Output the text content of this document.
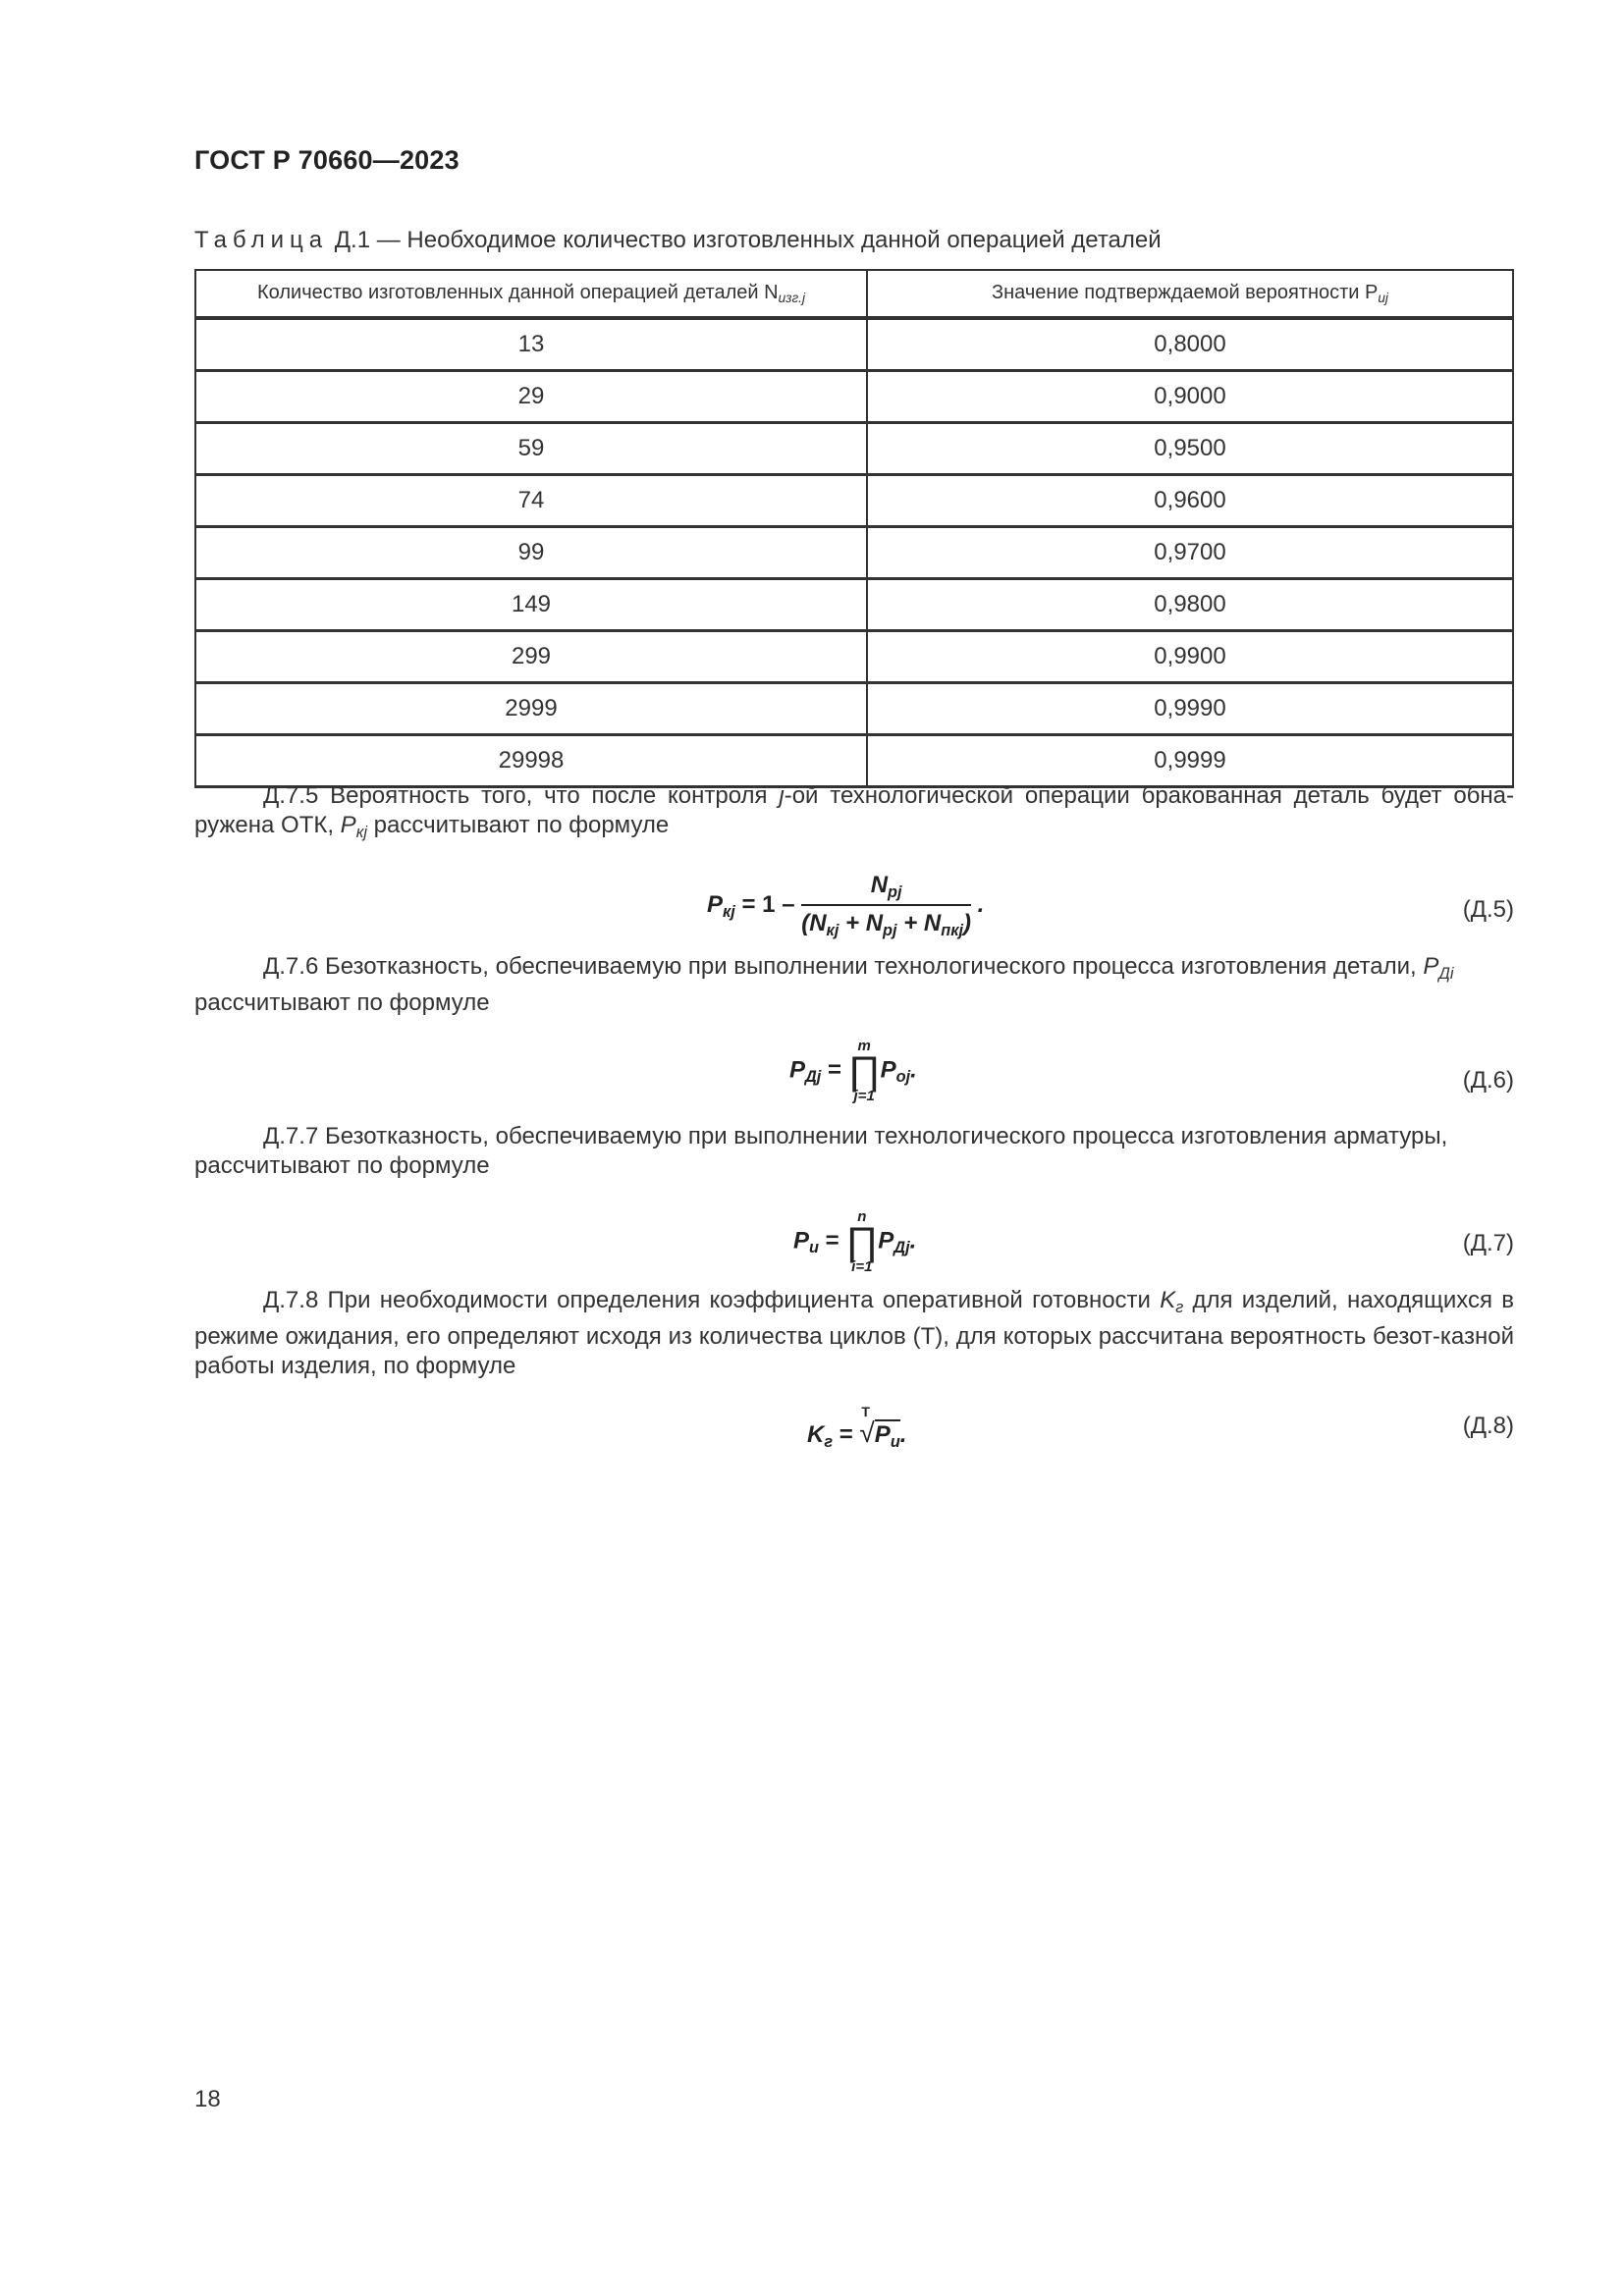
ГОСТ Р 70660—2023
Таблица Д.1 — Необходимое количество изготовленных данной операцией деталей
Количество изготовленных данной операцией деталей $N_{изг.j}$	Значение подтверждаемой вероятности $P_{иj}$
13	0,8000
29	0,9000
59	0,9500
74	0,9600
99	0,9700
149	0,9800
299	0,9900
2999	0,9990
29998	0,9999
Д.7.5 Вероятность того, что после контроля j-ой технологической операции бракованная деталь будет обна-ружена ОТК, $P_{кj}$ рассчитывают по формуле
$P_{кj} = 1 - \frac{N_{pj}}{(N_{кj} + N_{pj} + N_{пкj})}$ .	(Д.5)
Д.7.6 Безотказность, обеспечиваемую при выполнении технологического процесса изготовления детали, $P_{Дi}$
рассчитывают по формуле
$P_{Дj}$ =
m
∏
j=1
$P_{oj}$.	(Д.6)
Д.7.7 Безотказность, обеспечиваемую при выполнении технологического процесса изготовления арматуры,
рассчитывают по формуле
$P_и$ =
n
∏
i=1
$P_{Дj}$.	(Д.7)
Д.7.8 При необходимости определения коэффициента оперативной готовности $K_г$ для изделий, находящихся в режиме ожидания, его определяют исходя из количества циклов (Т), для которых рассчитана вероятность безот-казной работы изделия, по формуле
$K_г$ =
T
$√P_и$.	(Д.8)
18
